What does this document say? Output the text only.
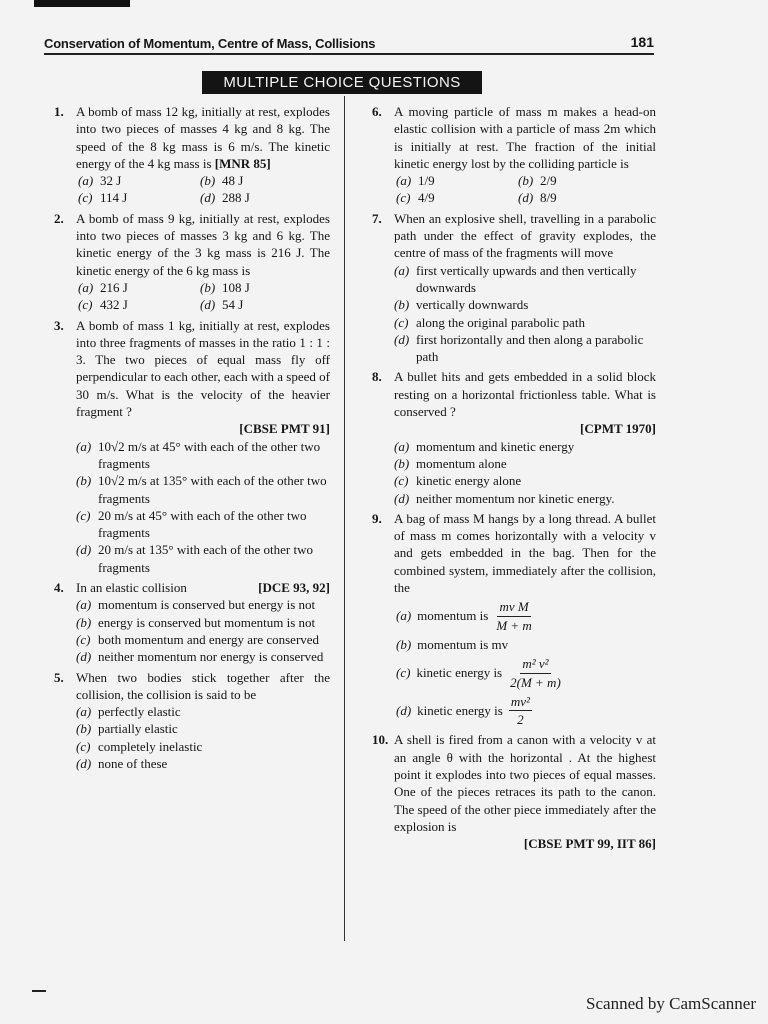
Conservation of Momentum, Centre of Mass, Collisions	181
MULTIPLE CHOICE QUESTIONS
1. A bomb of mass 12 kg, initially at rest, explodes into two pieces of masses 4 kg and 8 kg. The speed of the 8 kg mass is 6 m/s. The kinetic energy of the 4 kg mass is [MNR 85]
(a) 32 J	(b) 48 J
(c) 114 J	(d) 288 J
2. A bomb of mass 9 kg, initially at rest, explodes into two pieces of masses 3 kg and 6 kg. The kinetic energy of the 3 kg mass is 216 J. The kinetic energy of the 6 kg mass is
(a) 216 J	(b) 108 J
(c) 432 J	(d) 54 J
3. A bomb of mass 1 kg, initially at rest, explodes into three fragments of masses in the ratio 1 : 1 : 3. The two pieces of equal mass fly off perpendicular to each other, each with a speed of 30 m/s. What is the velocity of the heavier fragment ?
[CBSE PMT 91]
(a) 10√2 m/s at 45° with each of the other two fragments
(b) 10√2 m/s at 135° with each of the other two fragments
(c) 20 m/s at 45° with each of the other two fragments
(d) 20 m/s at 135° with each of the other two fragments
4. In an elastic collision	[DCE 93, 92]
(a) momentum is conserved but energy is not
(b) energy is conserved but momentum is not
(c) both momentum and energy are conserved
(d) neither momentum nor energy is conserved
5. When two bodies stick together after the collision, the collision is said to be
(a) perfectly elastic
(b) partially elastic
(c) completely inelastic
(d) none of these
6. A moving particle of mass m makes a head-on elastic collision with a particle of mass 2m which is initially at rest. The fraction of the initial kinetic energy lost by the colliding particle is
(a) 1/9	(b) 2/9
(c) 4/9	(d) 8/9
7. When an explosive shell, travelling in a parabolic path under the effect of gravity explodes, the centre of mass of the fragments will move
(a) first vertically upwards and then vertically downwards
(b) vertically downwards
(c) along the original parabolic path
(d) first horizontally and then along a parabolic path
8. A bullet hits and gets embedded in a solid block resting on a horizontal frictionless table. What is conserved ?
[CPMT 1970]
(a) momentum and kinetic energy
(b) momentum alone
(c) kinetic energy alone
(d) neither momentum nor kinetic energy.
9. A bag of mass M hangs by a long thread. A bullet of mass m comes horizontally with a velocity v and gets embedded in the bag. Then for the combined system, immediately after the collision, the
(a) momentum is $\frac{\text{mv M}}{M + m}$
(b) momentum is mv
(c) kinetic energy is $\frac{\text{m² v²}}{2(M + m)}$
(d) kinetic energy is $\frac{\text{mv²}}{2}$
10. A shell is fired from a canon with a velocity v at an angle θ with the horizontal . At the highest point it explodes into two pieces of equal masses. One of the pieces retraces its path to the canon. The speed of the other piece immediately after the explosion is
[CBSE PMT 99, IIT 86]
Scanned by CamScanner
